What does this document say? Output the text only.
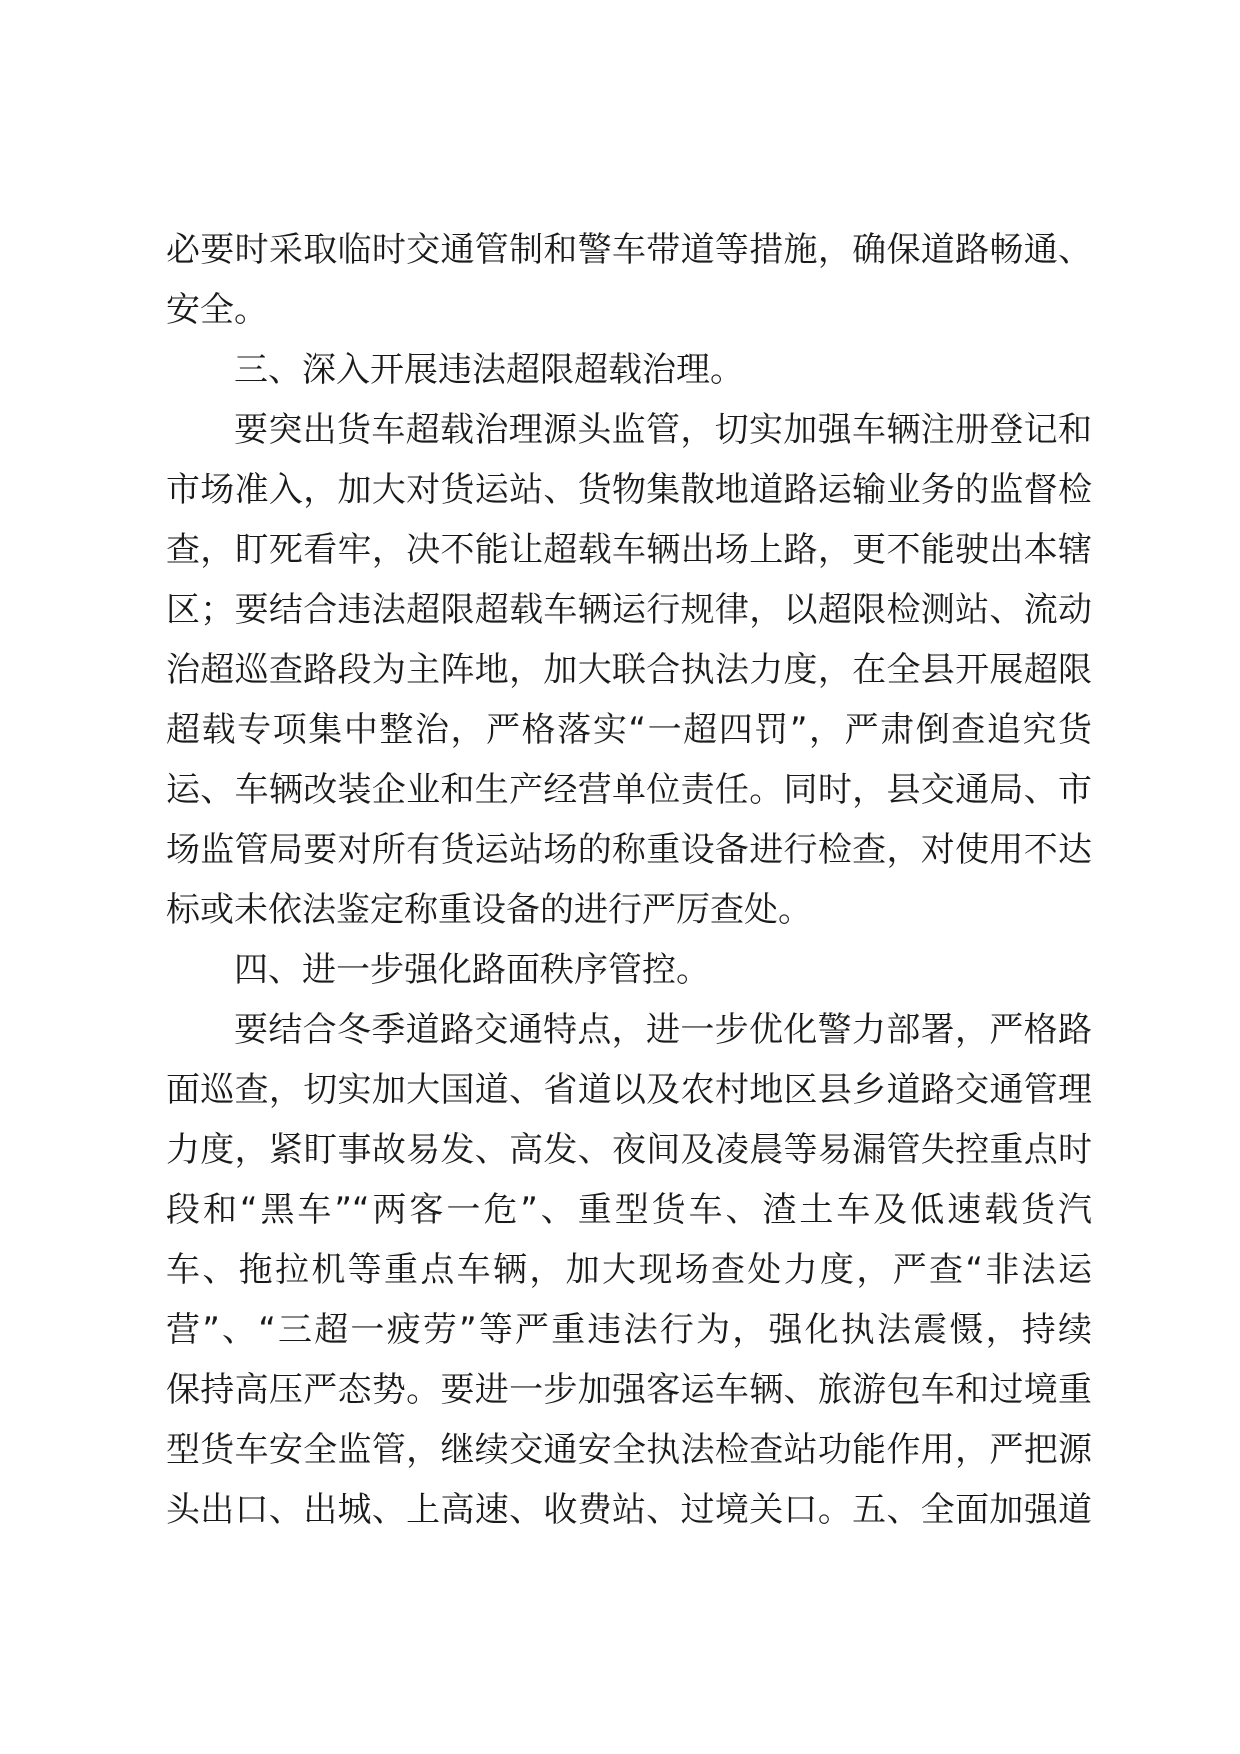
必要时采取临时交通管制和警车带道等措施，确保道路畅通、
安全。
三、深入开展违法超限超载治理。
要突出货车超载治理源头监管，切实加强车辆注册登记和
市场准入，加大对货运站、货物集散地道路运输业务的监督检
查，盯死看牢，决不能让超载车辆出场上路，更不能驶出本辖
区；要结合违法超限超载车辆运行规律，以超限检测站、流动
治超巡查路段为主阵地，加大联合执法力度，在全县开展超限
超载专项集中整治，严格落实“一超四罚”，严肃倒查追究货
运、车辆改装企业和生产经营单位责任。同时，县交通局、市
场监管局要对所有货运站场的称重设备进行检查，对使用不达
标或未依法鉴定称重设备的进行严厉查处。
四、进一步强化路面秩序管控。
要结合冬季道路交通特点，进一步优化警力部署，严格路
面巡查，切实加大国道、省道以及农村地区县乡道路交通管理
力度，紧盯事故易发、高发、夜间及凌晨等易漏管失控重点时
段和“黑车”“两客一危”、重型货车、渣土车及低速载货汽
车、拖拉机等重点车辆，加大现场查处力度，严查“非法运
营”、“三超一疲劳”等严重违法行为，强化执法震慑，持续
保持高压严态势。要进一步加强客运车辆、旅游包车和过境重
型货车安全监管，继续交通安全执法检查站功能作用，严把源
头出口、出城、上高速、收费站、过境关口。五、全面加强道
